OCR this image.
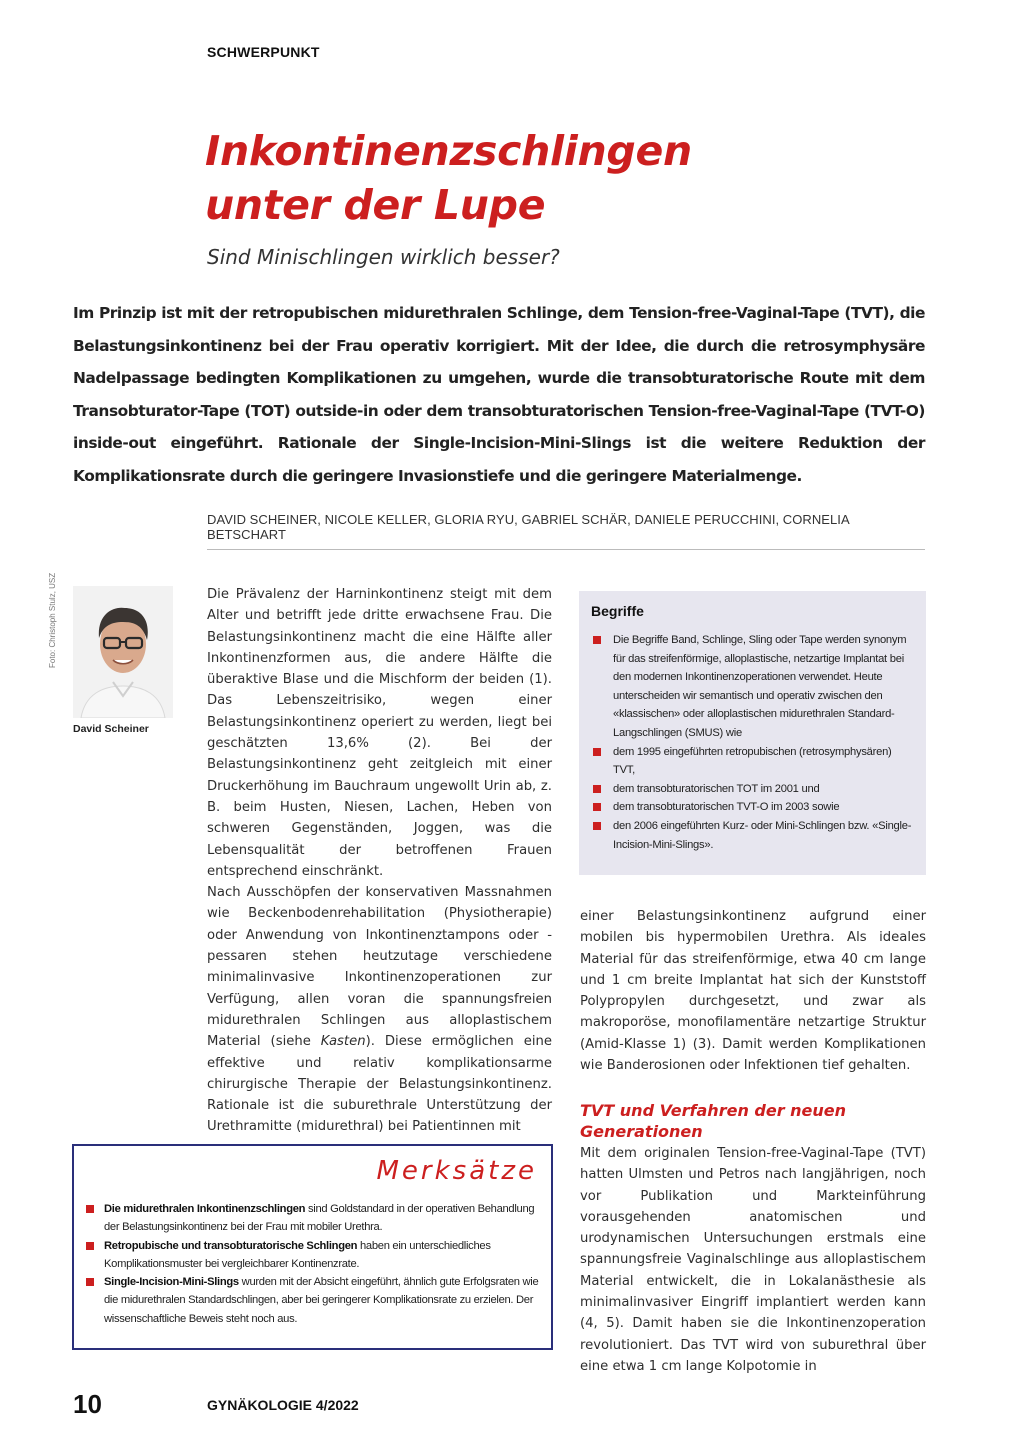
SCHWERPUNKT
Inkontinenzschlingen
unter der Lupe
Sind Minischlingen wirklich besser?
Im Prinzip ist mit der retropubischen midurethralen Schlinge, dem Tension-free-Vaginal-Tape (TVT), die Belastungsinkontinenz bei der Frau operativ korrigiert. Mit der Idee, die durch die retrosymphysäre Nadelpassage bedingten Komplikationen zu umgehen, wurde die transobturatorische Route mit dem Transobturator-Tape (TOT) outside-in oder dem transobturatorischen Tension-free-Vaginal-Tape (TVT-O) inside-out eingeführt. Rationale der Single-Incision-Mini-Slings ist die weitere Reduktion der Komplikationsrate durch die geringere Invasionstiefe und die geringere Materialmenge.
DAVID SCHEINER, NICOLE KELLER, GLORIA RYU, GABRIEL SCHÄR, DANIELE PERUCCHINI, CORNELIA BETSCHART
Foto: Christoph Stulz, USZ
David Scheiner

Die Prävalenz der Harninkontinenz steigt mit dem Alter und betrifft jede dritte erwachsene Frau. Die Belastungsinkontinenz macht die eine Hälfte aller Inkontinenzformen aus, die andere Hälfte die überaktive Blase und die Mischform der beiden (1). Das Lebenszeitrisiko, wegen einer Belastungsinkontinenz operiert zu werden, liegt bei geschätzten 13,6% (2). Bei der Belastungsinkontinenz geht zeitgleich mit einer Druckerhöhung im Bauchraum ungewollt Urin ab, z. B. beim Husten, Niesen, Lachen, Heben von schweren Gegenständen, Joggen, was die Lebensqualität der betroffenen Frauen entsprechend einschränkt.

Nach Ausschöpfen der konservativen Massnahmen wie Beckenbodenrehabilitation (Physiotherapie) oder Anwendung von Inkontinenztampons oder -pessaren stehen heutzutage verschiedene minimalinvasive Inkontinenzoperationen zur Verfügung, allen voran die spannungsfreien midurethralen Schlingen aus alloplastischem Material (siehe Kasten). Diese ermöglichen eine effektive und relativ komplikationsarme chirurgische Therapie der Belastungsinkontinenz. Rationale ist die suburethrale Unterstützung der Urethramitte (midurethral) bei Patientinnen mit

Begriffe
Die Begriffe Band, Schlinge, Sling oder Tape werden synonym für das streifenförmige, alloplastische, netzartige Implantat bei den modernen Inkontinenzoperationen verwendet. Heute unterscheiden wir semantisch und operativ zwischen den «klassischen» oder alloplastischen midurethralen Standard-Langschlingen (SMUS) wie
dem 1995 eingeführten retropubischen (retrosymphysären) TVT,
dem transobturatorischen TOT im 2001 und
dem transobturatorischen TVT-O im 2003 sowie
den 2006 eingeführten Kurz- oder Mini-Schlingen bzw. «Single-Incision-Mini-Slings».

einer Belastungsinkontinenz aufgrund einer mobilen bis hypermobilen Urethra. Als ideales Material für das streifenförmige, etwa 40 cm lange und 1 cm breite Implantat hat sich der Kunststoff Polypropylen durchgesetzt, und zwar als makroporöse, monofilamentäre netzartige Struktur (Amid-Klasse 1) (3). Damit werden Komplikationen wie Banderosionen oder Infektionen tief gehalten.

TVT und Verfahren der neuen Generationen

Mit dem originalen Tension-free-Vaginal-Tape (TVT) hatten Ulmsten und Petros nach langjährigen, noch vor Publikation und Markteinführung vorausgehenden anatomischen und urodynamischen Untersuchungen erstmals eine spannungsfreie Vaginalschlinge aus alloplastischem Material entwickelt, die in Lokalanästhesie als minimalinvasiver Eingriff implantiert werden kann (4, 5). Damit haben sie die Inkontinenzoperation revolutioniert. Das TVT wird von suburethral über eine etwa 1 cm lange Kolpotomie in

Merksätze
Die midurethralen Inkontinenzschlingen sind Goldstandard in der operativen Behandlung der Belastungsinkontinenz bei der Frau mit mobiler Urethra.
Retropubische und transobturatorische Schlingen haben ein unterschiedliches Komplikationsmuster bei vergleichbarer Kontinenzrate.
Single-Incision-Mini-Slings wurden mit der Absicht eingeführt, ähnlich gute Erfolgsraten wie die midurethralen Standardschlingen, aber bei geringerer Komplikationsrate zu erzielen. Der wissenschaftliche Beweis steht noch aus.
10	GYNÄKOLOGIE 4/2022
